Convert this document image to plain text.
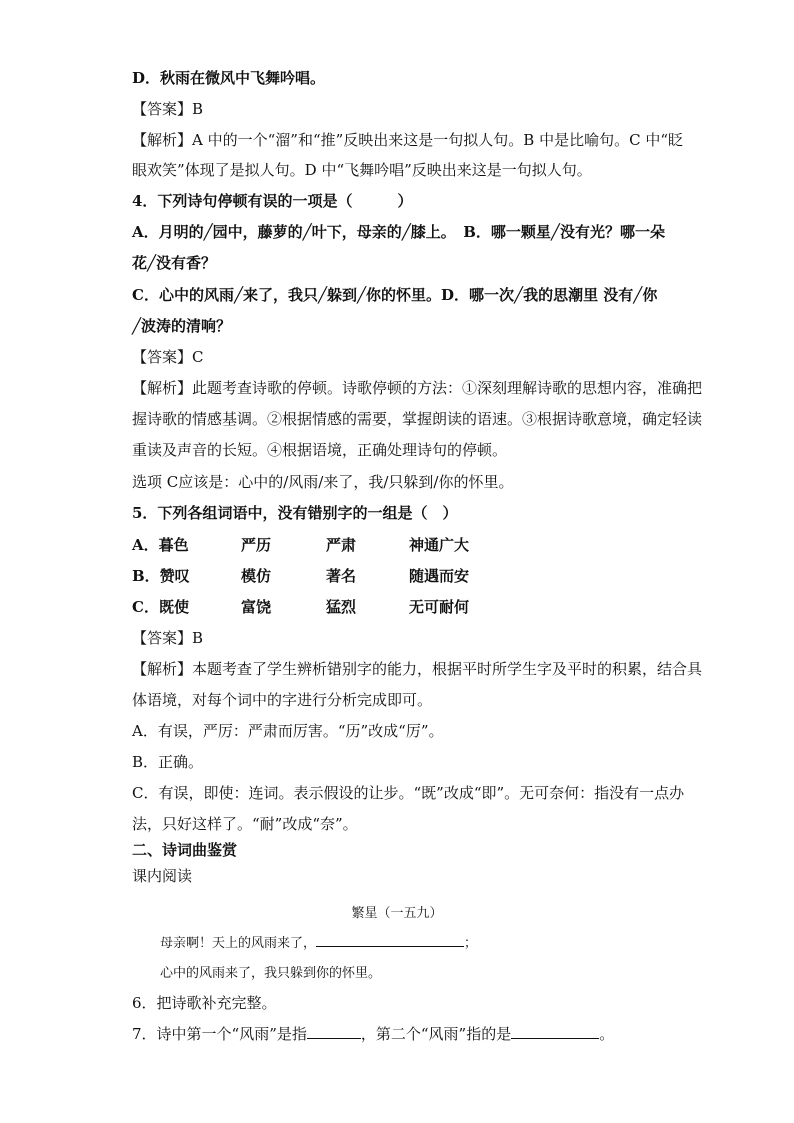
D．秋雨在微风中飞舞吟唱。
【答案】B
【解析】A 中的一个“溜”和“推”反映出来这是一句拟人句。B 中是比喻句。C 中“眨
眼欢笑”体现了是拟人句。D 中“飞舞吟唱”反映出来这是一句拟人句。
4．下列诗句停顿有误的一项是（　　　）
A．月明的╱园中，藤萝的╱叶下，母亲的╱膝上。　B．哪一颗星╱没有光？哪一朵
花╱没有香？
C．心中的风雨╱来了，我只╱躲到╱你的怀里。D．哪一次╱我的思潮里 没有╱你
╱波涛的清响？
【答案】C
【解析】此题考查诗歌的停顿。诗歌停顿的方法：①深刻理解诗歌的思想内容，准确把
握诗歌的情感基调。②根据情感的需要，掌握朗读的语速。③根据诗歌意境，确定轻读
重读及声音的长短。④根据语境，正确处理诗句的停顿。
选项 C应该是：心中的/风雨/来了，我/只躲到/你的怀里。
5．下列各组词语中，没有错别字的一组是（　）
A．暮色	严历	严肃	神通广大
B．赞叹	模仿	著名	随遇而安
C．既使	富饶	猛烈	无可耐何
【答案】B
【解析】本题考查了学生辨析错别字的能力，根据平时所学生字及平时的积累，结合具
体语境，对每个词中的字进行分析完成即可。
A．有误，严厉：严肃而厉害。“历”改成“厉”。
B．正确。
C．有误，即使：连词。表示假设的让步。“既”改成“即”。无可奈何：指没有一点办
法，只好这样了。“耐”改成“奈”。
二、诗词曲鉴赏
课内阅读
繁星（一五九）
母亲啊！天上的风雨来了，	；
心中的风雨来了，我只躲到你的怀里。
6．把诗歌补充完整。
7．诗中第一个“风雨”是指	，第二个“风雨”指的是	。
